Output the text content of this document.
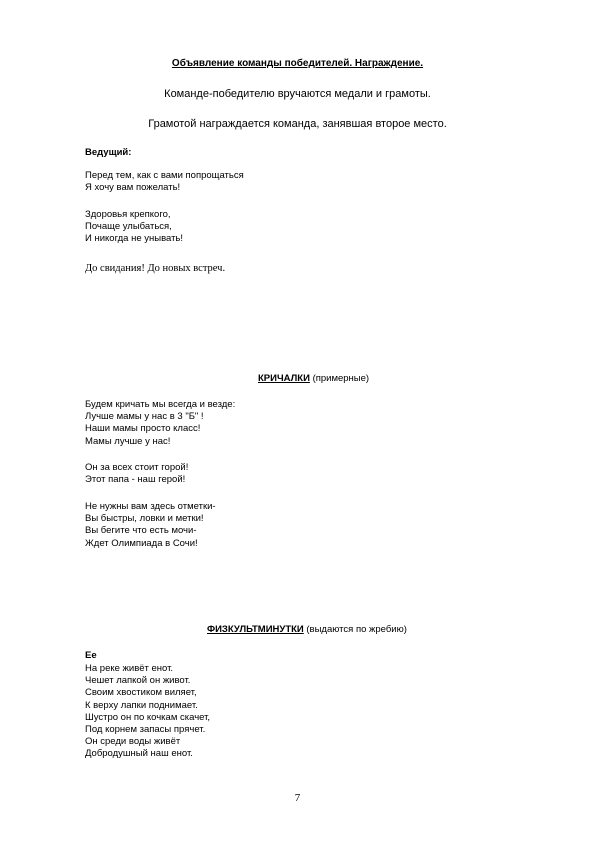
Объявление команды победителей. Награждение.
Команде-победителю вручаются медали и грамоты.
Грамотой награждается команда, занявшая второе место.
Ведущий:
Перед тем, как с вами попрощаться
Я хочу вам пожелать!
Здоровья крепкого,
Почаще улыбаться,
И никогда не унывать!
До свидания! До новых встреч.
КРИЧАЛКИ (примерные)
Будем кричать мы всегда и везде:
Лучше мамы у нас в 3 "Б" !
Наши мамы просто класс!
Мамы лучше у нас!
Он за всех стоит горой!
Этот папа - наш герой!
Не нужны вам здесь отметки-
Вы быстры, ловки и метки!
Вы бегите что есть мочи-
Ждет Олимпиада в Сочи!
ФИЗКУЛЬТМИНУТКИ (выдаются по жребию)
Ее
На реке живёт енот.
Чешет лапкой он живот.
Своим хвостиком виляет,
К верху лапки поднимает.
Шустро он по кочкам скачет,
Под корнем запасы прячет.
Он среди воды живёт
Добродушный наш енот.
7
